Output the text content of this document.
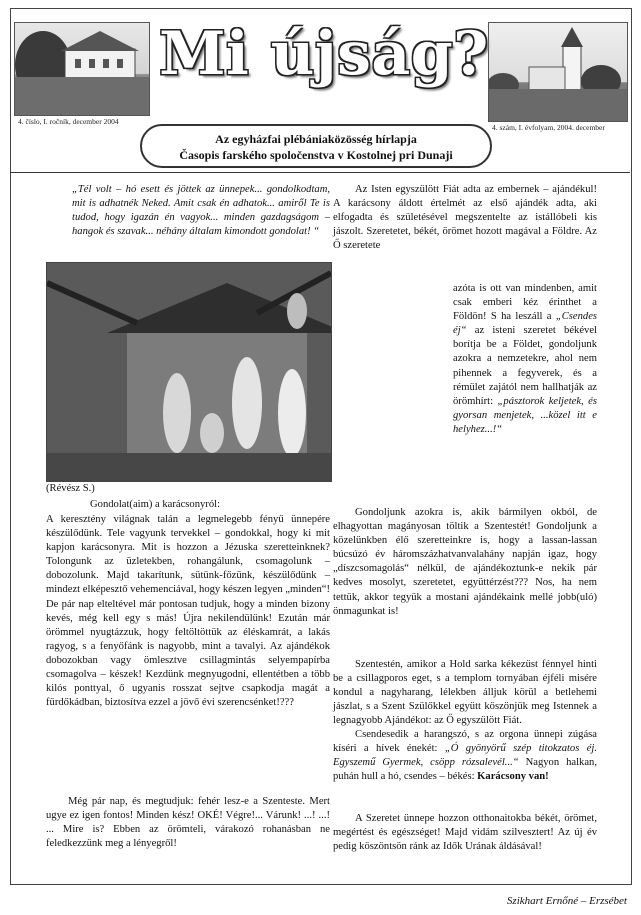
4. číslo, I. ročník, december 2004
4. szám, I. évfolyam, 2004. december
Mi újság?
Az egyházfai plébániaközösség hírlapja
Časopis farského spoločenstva v Kostolnej pri Dunaji
„Tél volt – hó esett és jöttek az ünnepek... gondolkodtam, mit is adhatnék Neked. Amit csak én adhatok... amiről Te is tudod, hogy igazán én vagyok... minden gazdagságom – hangok és szavak... néhány általam kimondott gondolat! “
(Révész S.)
Gondolat(aim) a karácsonyról:
A keresztény világnak talán a legmelegebb fényű ünnepére készülődünk. Tele vagyunk tervekkel – gondokkal, hogy ki mit kapjon karácsonyra. Mit is hozzon a Jézuska szeretteinknek? Tolongunk az üzletekben, rohangálunk, csomagolunk – dobozolunk. Majd takarítunk, sütünk-főzünk, készülődünk – mindezt elképesztő vehemenciával, hogy készen legyen „minden“! De pár nap elteltével már pontosan tudjuk, hogy a minden bizony kevés, még kell egy s más! Újra nekilendülünk! Ezután már örömmel nyugtázzuk, hogy feltöltöttük az éléskamrát, a lakás ragyog, s a fenyőfánk is nagyobb, mint a tavalyi. Az ajándékok dobozokban vagy ömlesztve csillagmintás selyempapírba csomagolva – készek! Kezdünk megnyugodni, ellentétben a több kilós ponttyal, ő ugyanis rosszat sejtve csapkodja magát a fürdőkádban, biztosítva ezzel a jövő évi szerencsénket!???
Még pár nap, és megtudjuk: fehér lesz-e a Szenteste. Mert ugye ez igen fontos! Minden kész! OKÉ! Végre!... Várunk! ...! ...! ... Mire is? Ebben az örömteli, várakozó rohanásban ne feledkezzünk meg a lényegről!
Az Isten egyszülött Fiát adta az embernek – ajándékul! A karácsony áldott értelmét az első ajándék adta, aki elfogadta és születésével megszentelte az istállóbeli kis jászolt. Szeretetet, békét, örömet hozott magával a Földre. Az Ő szeretete
azóta is ott van mindenben, amit csak emberi kéz érinthet a Földön! S ha leszáll a „Csendes éj“ az isteni szeretet békével borítja be a Földet, gondoljunk azokra a nemzetekre, ahol nem pihennek a fegyverek, és a rémület zajától nem hallhatják az örömhírt: „pásztorok keljetek, és gyorsan menjetek, ...közel itt e helyhez...!“
Gondoljunk azokra is, akik bármilyen okból, de elhagyottan magányosan töltik a Szentestét! Gondoljunk a közelünkben élő szeretteinkre is, hogy a lassan-lassan búcsúzó év háromszázhatvanvalahány napján igaz, hogy „díszcsomagolás“ nélkül, de ajándékoztunk-e nekik pár kedves mosolyt, szeretetet, együttérzést??? Nos, ha nem tettük, akkor tegyük a mostani ajándékaink mellé jobb(uló) önmagunkat is!
Szentestén, amikor a Hold sarka kékezüst fénnyel hinti be a csillagporos eget, s a templom tornyában éjféli misére kondul a nagyharang, lélekben álljuk körül a betlehemi jászlat, s a Szent Szülőkkel együtt köszönjük meg Istennek a legnagyobb Ajándékot: az Ő egyszülött Fiát.
Csendesedik a harangszó, s az orgona ünnepi zúgása kíséri a hívek énekét: „Ó gyönyörű szép titokzatos éj. Egyszemű Gyermek, csöpp rózsalevél...“ Nagyon halkan, puhán hull a hó, csendes – békés: Karácsony van!
A Szeretet ünnepe hozzon otthonaitokba békét, örömet, megértést és egészséget! Majd vidám szilvesztert! Az új év pedig köszöntsön ránk az Idők Urának áldásával!
Szikhart Ernőné – Erzsébet
